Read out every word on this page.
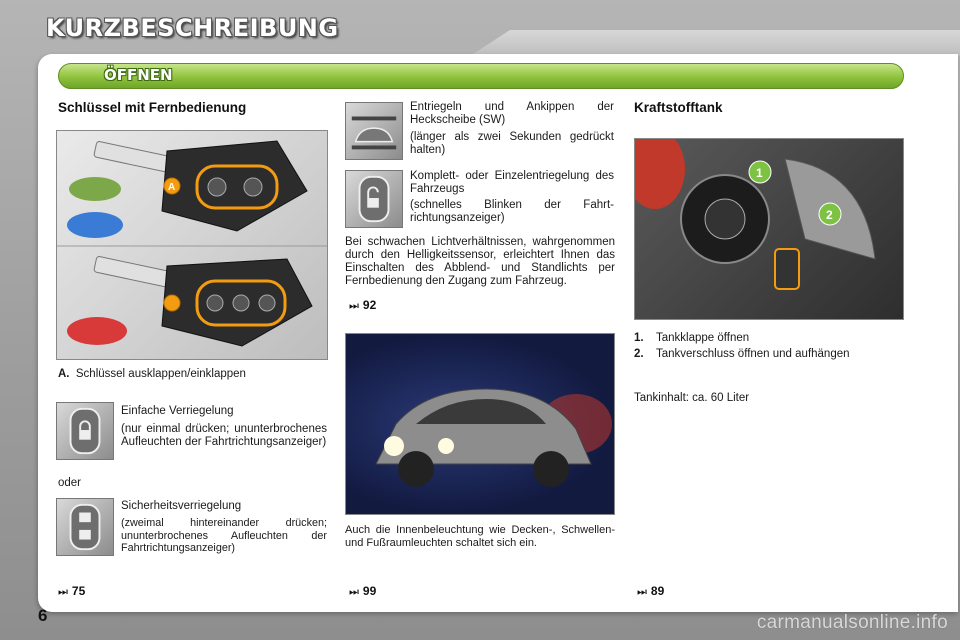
KURZBESCHREIBUNG
ÖFFNEN
Schlüssel mit Fernbedienung
A
A. Schlüssel ausklappen/einklappen
Einfache Verriegelung
(nur einmal drücken; ununterbrochenes Aufleuchten der Fahrtrichtungsanzeiger)
oder
Sicherheitsverriegelung
(zweimal hintereinander drücken; ununterbrochenes Aufleuchten der Fahrtrichtungsanzeiger)
⏭ 75
Entriegeln und Ankippen der Heckscheibe (SW)
(länger als zwei Sekunden gedrückt halten)
Komplett- oder Einzelentriegelung des Fahrzeugs
(schnelles Blinken der Fahrtrichtungsanzeiger)
Bei schwachen Lichtverhältnissen, wahrgenommen durch den Helligkeitssensor, erleichtert Ihnen das Einschalten des Abblend- und Standlichts per Fernbedienung den Zugang zum Fahrzeug.
⏭ 92
Auch die Innenbeleuchtung wie Decken-, Schwellen- und Fußraumleuchten schaltet sich ein.
⏭ 99
Kraftstofftank
1
2
1. Tankklappe öffnen
2.	Tankverschluss öffnen und aufhängen
Tankinhalt: ca. 60 Liter
⏭ 89
6	carmanualsonline.info
